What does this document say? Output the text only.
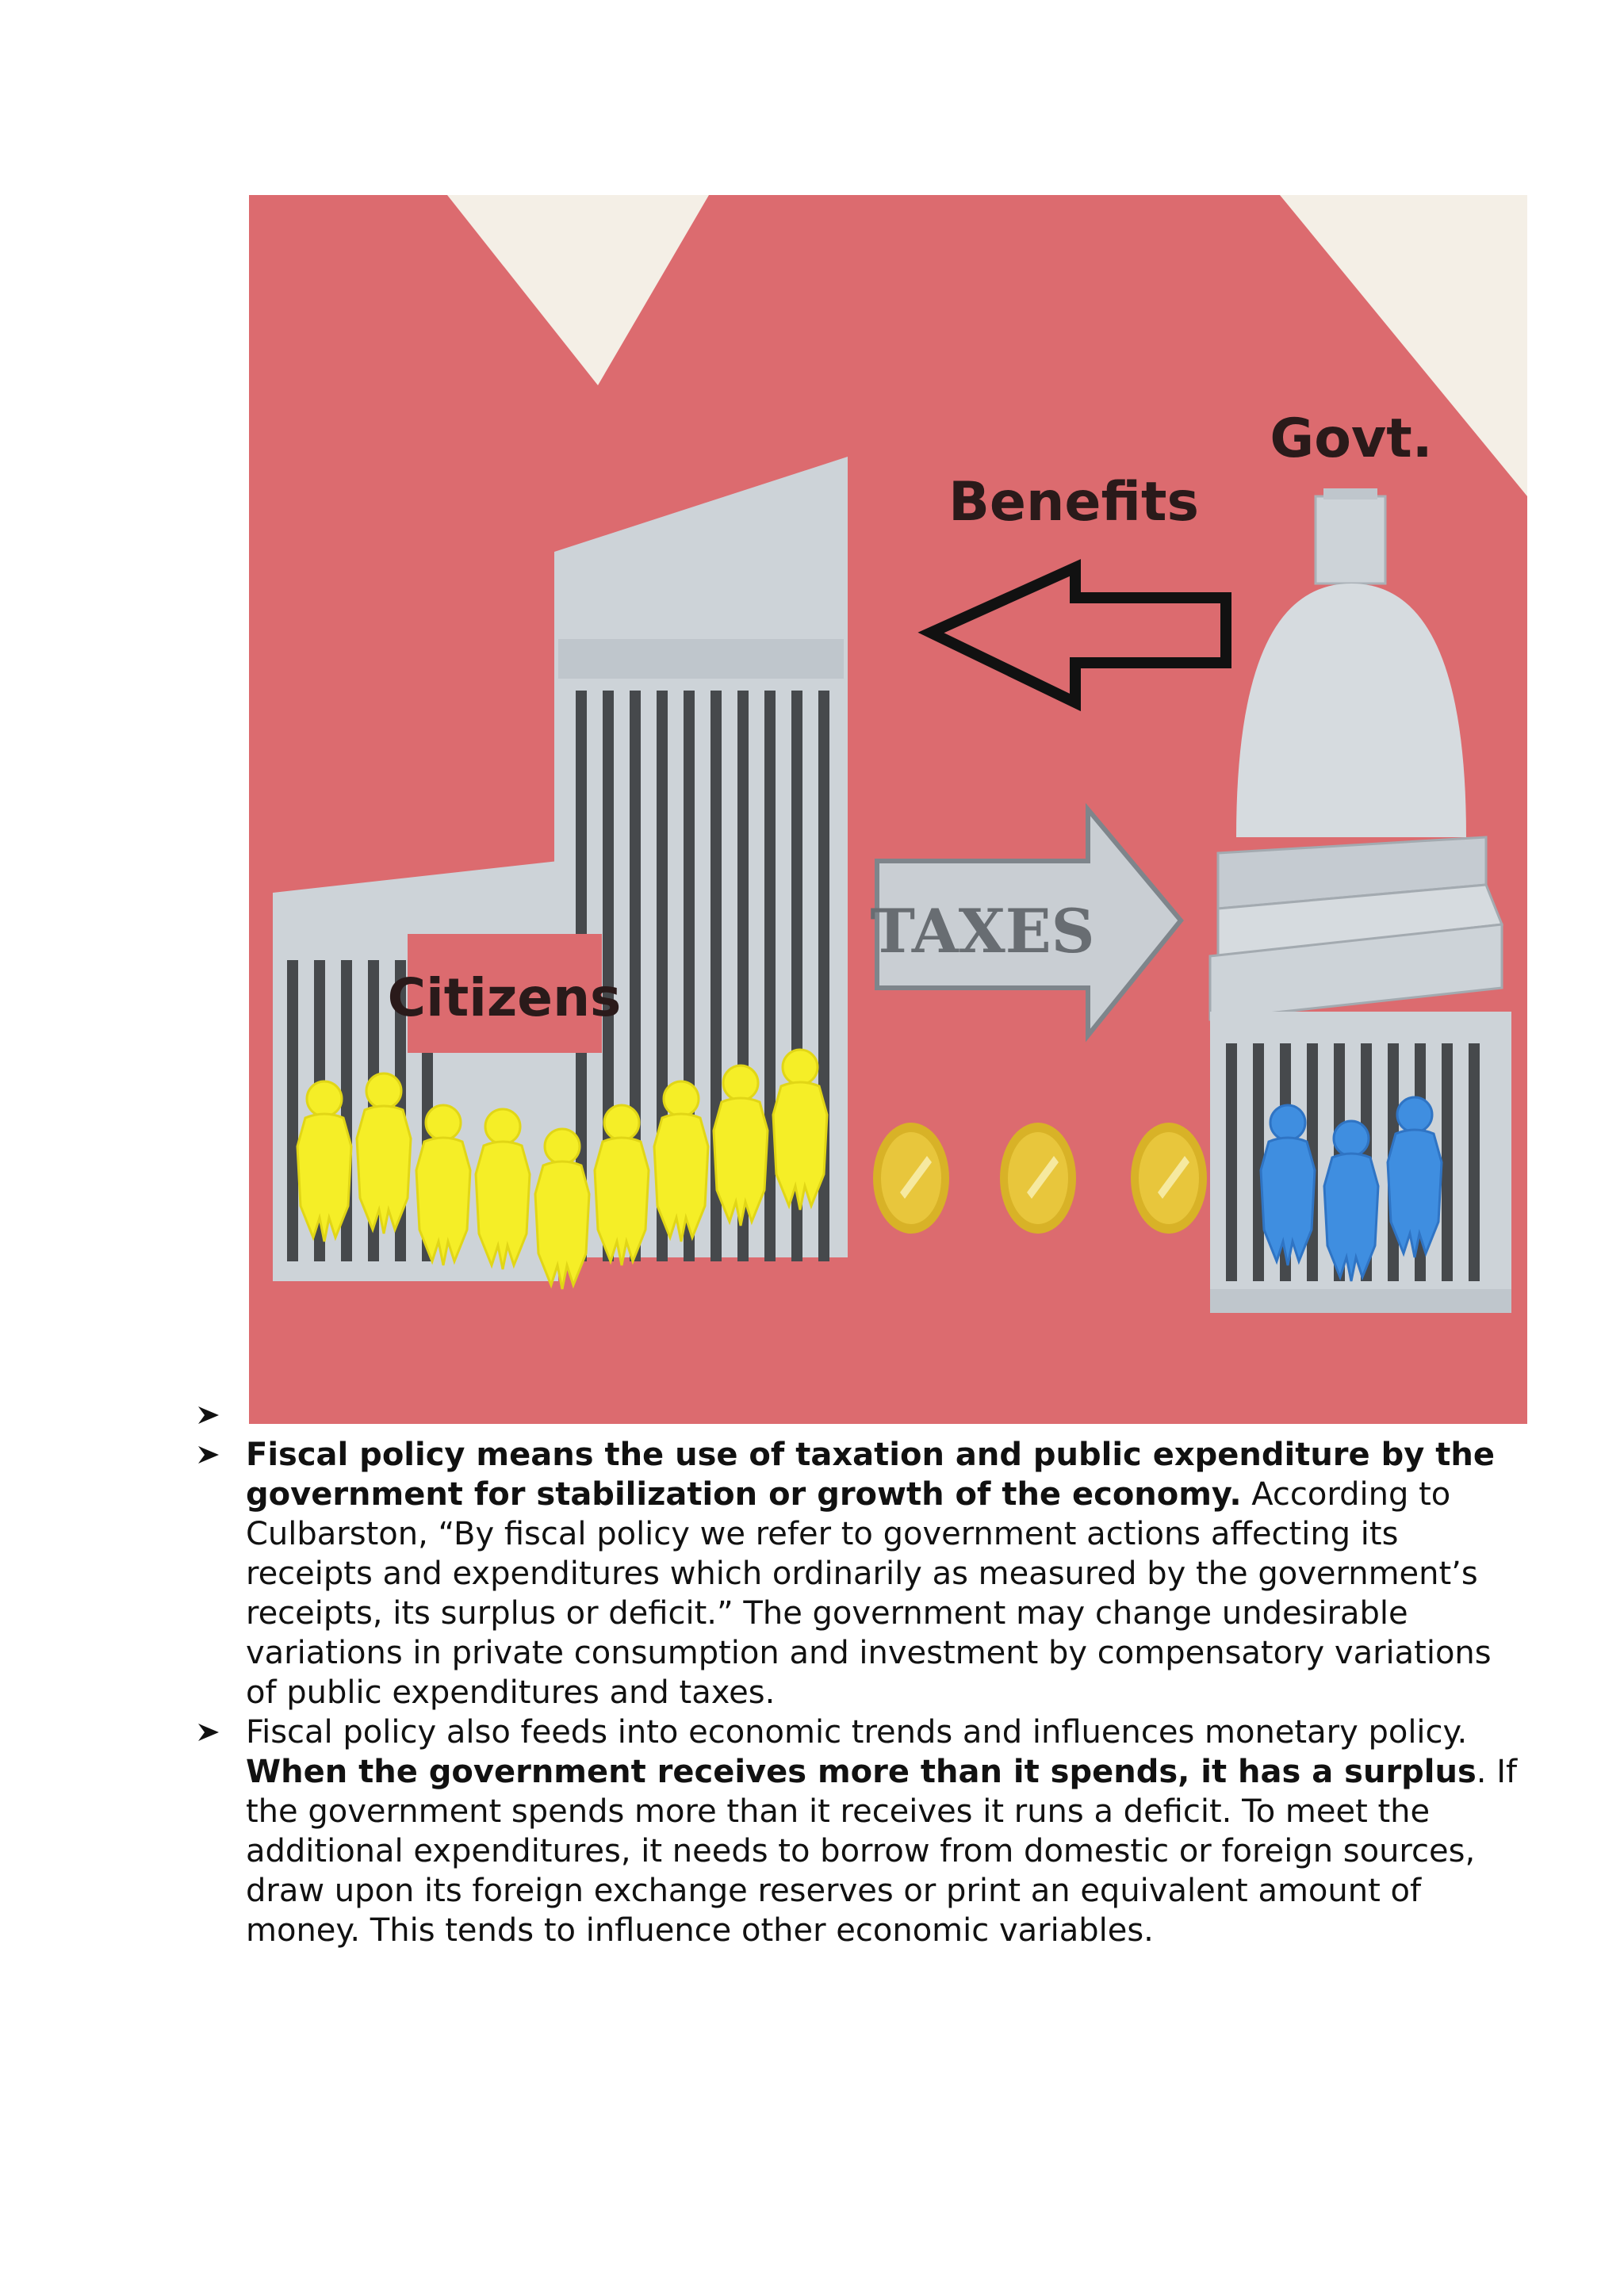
Citizens
TAXES
Benefits
Govt.
Fiscal policy means the use of taxation and public expenditure by the government for stabilization or growth of the economy. According to Culbarston, “By fiscal policy we refer to government actions affecting its receipts and expenditures which ordinarily as measured by the government’s receipts, its surplus or deficit.” The government may change undesirable variations in private consumption and investment by compensatory variations of public expenditures and taxes.
Fiscal policy also feeds into economic trends and influences monetary policy. When the government receives more than it spends, it has a surplus. If the government spends more than it receives it runs a deficit. To meet the additional expenditures, it needs to borrow from domestic or foreign sources, draw upon its foreign exchange reserves or print an equivalent amount of money. This tends to influence other economic variables.
